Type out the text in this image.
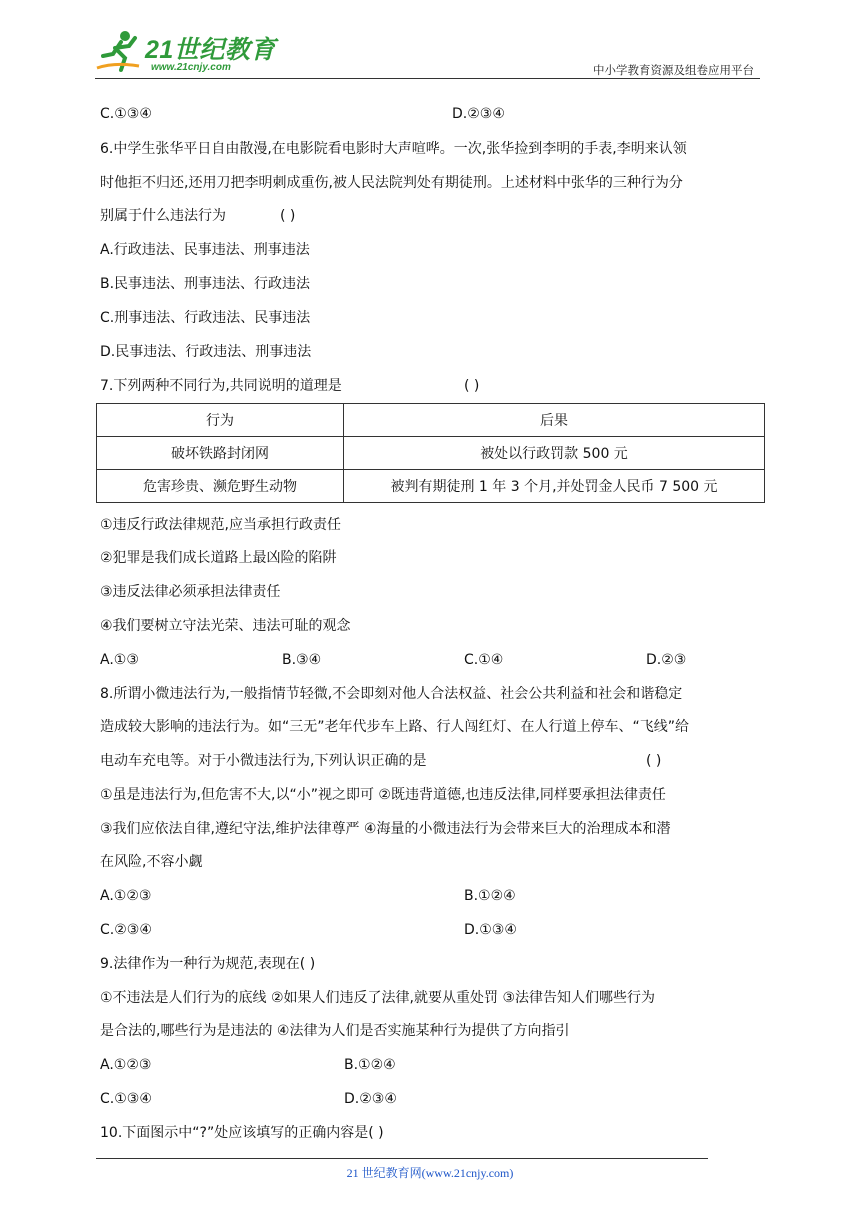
21世纪教育
www.21cnjy.com	中小学教育资源及组卷应用平台
C.①③④	D.②③④
6.中学生张华平日自由散漫,在电影院看电影时大声喧哗。一次,张华捡到李明的手表,李明来认领
时他拒不归还,还用刀把李明刺成重伤,被人民法院判处有期徒刑。上述材料中张华的三种行为分
别属于什么违法行为	( )
A.行政违法、民事违法、刑事违法
B.民事违法、刑事违法、行政违法
C.刑事违法、行政违法、民事违法
D.民事违法、行政违法、刑事违法
7.下列两种不同行为,共同说明的道理是	( )
行为	后果
破坏铁路封闭网	被处以行政罚款 500 元
危害珍贵、濒危野生动物	被判有期徒刑 1 年 3 个月,并处罚金人民币 7 500 元
①违反行政法律规范,应当承担行政责任
②犯罪是我们成长道路上最凶险的陷阱
③违反法律必须承担法律责任
④我们要树立守法光荣、违法可耻的观念
A.①③	B.③④	C.①④	D.②③
8.所谓小微违法行为,一般指情节轻微,不会即刻对他人合法权益、社会公共利益和社会和谐稳定
造成较大影响的违法行为。如“三无”老年代步车上路、行人闯红灯、在人行道上停车、“飞线”给
电动车充电等。对于小微违法行为,下列认识正确的是	( )
①虽是违法行为,但危害不大,以“小”视之即可 ②既违背道德,也违反法律,同样要承担法律责任
③我们应依法自律,遵纪守法,维护法律尊严 ④海量的小微违法行为会带来巨大的治理成本和潜
在风险,不容小觑
A.①②③	B.①②④
C.②③④	D.①③④
9.法律作为一种行为规范,表现在( )
①不违法是人们行为的底线 ②如果人们违反了法律,就要从重处罚 ③法律告知人们哪些行为
是合法的,哪些行为是违法的 ④法律为人们是否实施某种行为提供了方向指引
A.①②③	B.①②④
C.①③④	D.②③④
10.下面图示中“?”处应该填写的正确内容是( )
21 世纪教育网(www.21cnjy.com)
